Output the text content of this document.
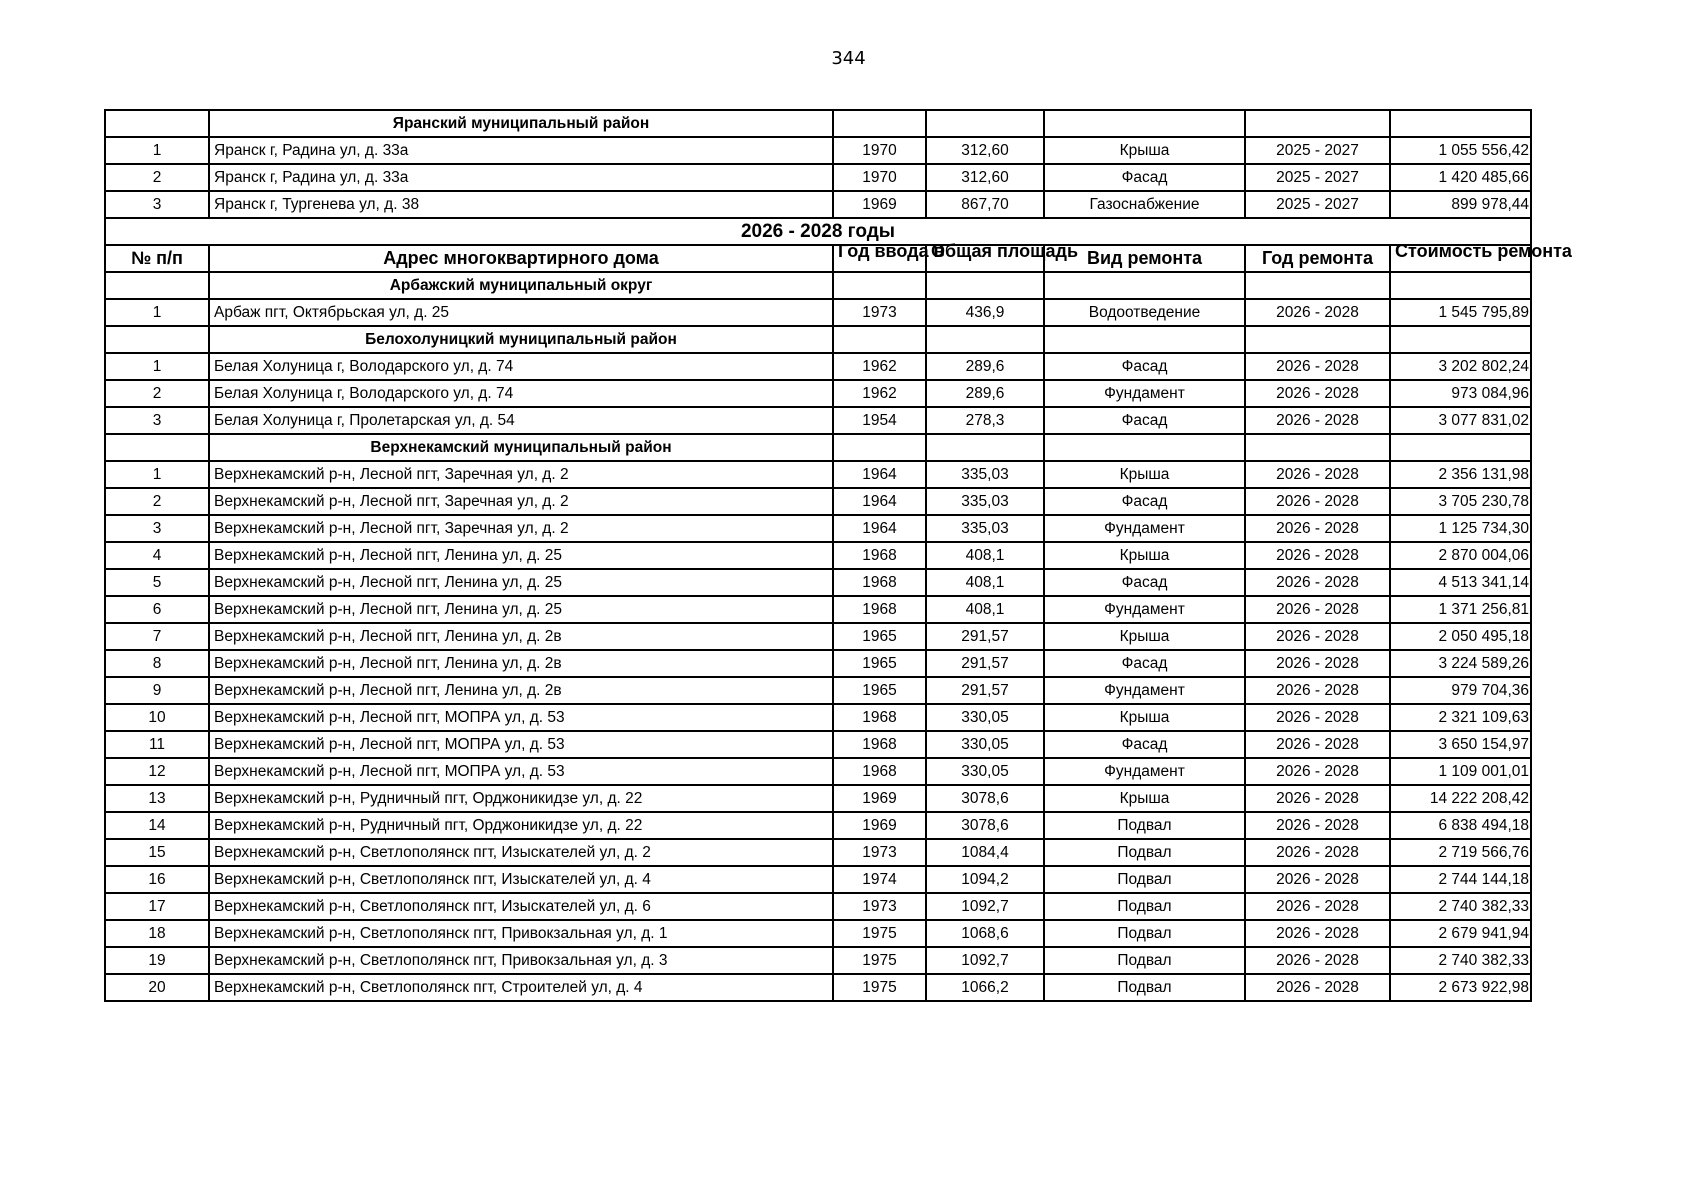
344
	Яранский муниципальный район					
1	Яранск г, Радина ул, д. 33а	1970	312,60	Крыша	2025 - 2027	1 055 556,42
2	Яранск г, Радина ул, д. 33а	1970	312,60	Фасад	2025 - 2027	1 420 485,66
3	Яранск г, Тургенева ул, д. 38	1969	867,70	Газоснабжение	2025 - 2027	899 978,44
2026 - 2028 годы						
№ п/п	Адрес многоквартирного дома	Год ввода в	Общая площадь	Вид ремонта	Год ремонта	Стоимость ремонта

	Арбажский муниципальный округ					
1	Арбаж пгт, Октябрьская ул, д. 25	1973	436,9	Водоотведение	2026 - 2028	1 545 795,89
	Белохолуницкий муниципальный район					
1	Белая Холуница г, Володарского ул, д. 74	1962	289,6	Фасад	2026 - 2028	3 202 802,24
2	Белая Холуница г, Володарского ул, д. 74	1962	289,6	Фундамент	2026 - 2028	973 084,96
3	Белая Холуница г, Пролетарская ул, д. 54	1954	278,3	Фасад	2026 - 2028	3 077 831,02
	Верхнекамский муниципальный район					
1	Верхнекамский р-н, Лесной пгт, Заречная ул, д. 2	1964	335,03	Крыша	2026 - 2028	2 356 131,98
2	Верхнекамский р-н, Лесной пгт, Заречная ул, д. 2	1964	335,03	Фасад	2026 - 2028	3 705 230,78
3	Верхнекамский р-н, Лесной пгт, Заречная ул, д. 2	1964	335,03	Фундамент	2026 - 2028	1 125 734,30
4	Верхнекамский р-н, Лесной пгт, Ленина ул, д. 25	1968	408,1	Крыша	2026 - 2028	2 870 004,06
5	Верхнекамский р-н, Лесной пгт, Ленина ул, д. 25	1968	408,1	Фасад	2026 - 2028	4 513 341,14
6	Верхнекамский р-н, Лесной пгт, Ленина ул, д. 25	1968	408,1	Фундамент	2026 - 2028	1 371 256,81
7	Верхнекамский р-н, Лесной пгт, Ленина ул, д. 2в	1965	291,57	Крыша	2026 - 2028	2 050 495,18
8	Верхнекамский р-н, Лесной пгт, Ленина ул, д. 2в	1965	291,57	Фасад	2026 - 2028	3 224 589,26
9	Верхнекамский р-н, Лесной пгт, Ленина ул, д. 2в	1965	291,57	Фундамент	2026 - 2028	979 704,36
10	Верхнекамский р-н, Лесной пгт, МОПРА ул, д. 53	1968	330,05	Крыша	2026 - 2028	2 321 109,63
11	Верхнекамский р-н, Лесной пгт, МОПРА ул, д. 53	1968	330,05	Фасад	2026 - 2028	3 650 154,97
12	Верхнекамский р-н, Лесной пгт, МОПРА ул, д. 53	1968	330,05	Фундамент	2026 - 2028	1 109 001,01
13	Верхнекамский р-н, Рудничный пгт, Орджоникидзе ул, д. 22	1969	3078,6	Крыша	2026 - 2028	14 222 208,42
14	Верхнекамский р-н, Рудничный пгт, Орджоникидзе ул, д. 22	1969	3078,6	Подвал	2026 - 2028	6 838 494,18
15	Верхнекамский р-н, Светлополянск пгт, Изыскателей ул, д. 2	1973	1084,4	Подвал	2026 - 2028	2 719 566,76
16	Верхнекамский р-н, Светлополянск пгт, Изыскателей ул, д. 4	1974	1094,2	Подвал	2026 - 2028	2 744 144,18
17	Верхнекамский р-н, Светлополянск пгт, Изыскателей ул, д. 6	1973	1092,7	Подвал	2026 - 2028	2 740 382,33
18	Верхнекамский р-н, Светлополянск пгт, Привокзальная ул, д. 1	1975	1068,6	Подвал	2026 - 2028	2 679 941,94
19	Верхнекамский р-н, Светлополянск пгт, Привокзальная ул, д. 3	1975	1092,7	Подвал	2026 - 2028	2 740 382,33
20	Верхнекамский р-н, Светлополянск пгт, Строителей ул, д. 4	1975	1066,2	Подвал	2026 - 2028	2 673 922,98
